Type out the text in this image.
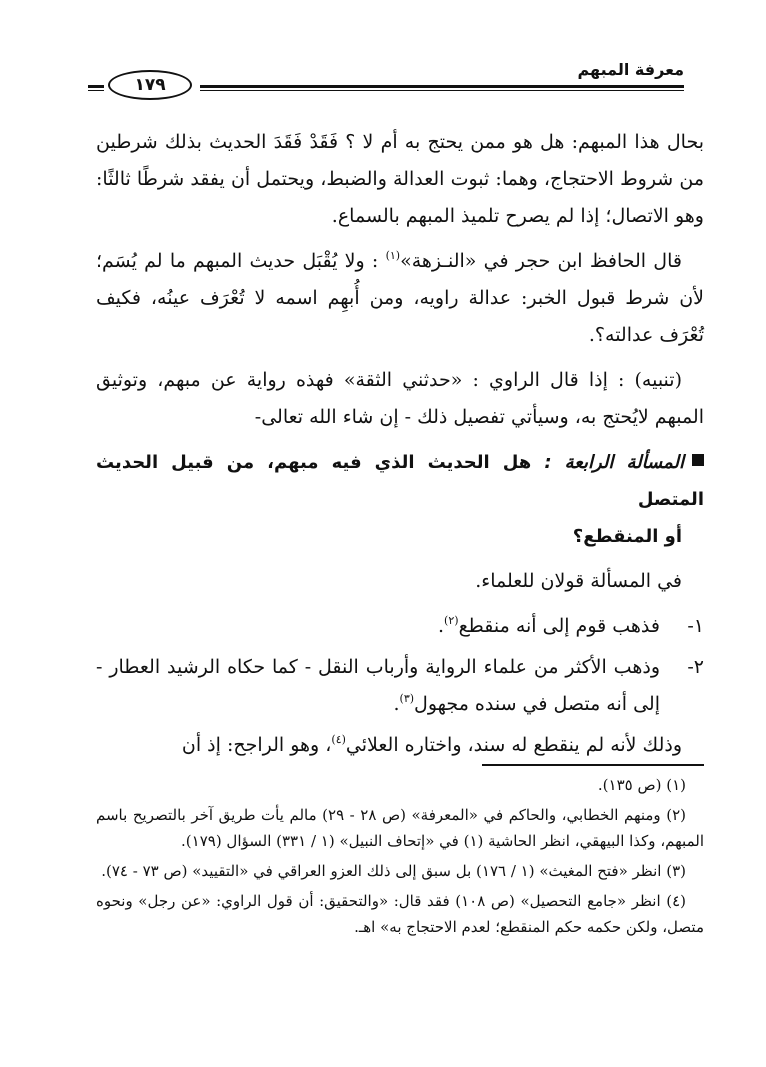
معرفة المبهم
١٧٩

بحال هذا المبهم: هل هو ممن يحتج به أم لا ؟ فَقَدْ فَقَدَ الحديث بذلك شرطين من شروط الاحتجاج، وهما: ثبوت العدالة والضبط، ويحتمل أن يفقد شرطًا ثالثًا: وهو الاتصال؛ إذا لم يصرح تلميذ المبهم بالسماع.

قال الحافظ ابن حجر في «النـزهة»$^{(١)}$ : ولا يُقْبَل حديث المبهم ما لم يُسَم؛ لأن شرط قبول الخبر: عدالة راويه، ومن أُبهِم اسمه لا تُعْرَف عينُه، فكيف تُعْرَف عدالته؟.

(تنبيه) : إذا قال الراوي : «حدثني الثقة» فهذه رواية عن مبهم، وتوثيق المبهم لايُحتج به، وسيأتي تفصيل ذلك - إن شاء الله تعالى-

المسألة الرابعة : هل الحديث الذي فيه مبهم، من قبيل الحديث المتصل
أو المنقطع؟

في المسألة قولان للعلماء.

١-
فذهب قوم إلى أنه منقطع$^{(٢)}$.
٢-
وذهب الأكثر من علماء الرواية وأرباب النقل - كما حكاه الرشيد العطار - إلى أنه متصل في سنده مجهول$^{(٣)}$.

وذلك لأنه لم ينقطع له سند، واختاره العلائي$^{(٤)}$، وهو الراجح: إذ أن

(١) (ص ١٣٥).

(٢) ومنهم الخطابي، والحاكم في «المعرفة» (ص ٢٨ - ٢٩) مالم يأت طريق آخر بالتصريح باسم المبهم، وكذا البيهقي، انظر الحاشية (١) في «إتحاف النبيل» (١ / ٣٣١) السؤال (١٧٩).

(٣) انظر «فتح المغيث» (١ / ١٧٦) بل سبق إلى ذلك العزو العراقي في «التقييد» (ص ٧٣ - ٧٤).

(٤) انظر «جامع التحصيل» (ص ١٠٨) فقد قال: «والتحقيق: أن قول الراوي: «عن رجل» ونحوه متصل، ولكن حكمه حكم المنقطع؛ لعدم الاحتجاج به» اهـ.
